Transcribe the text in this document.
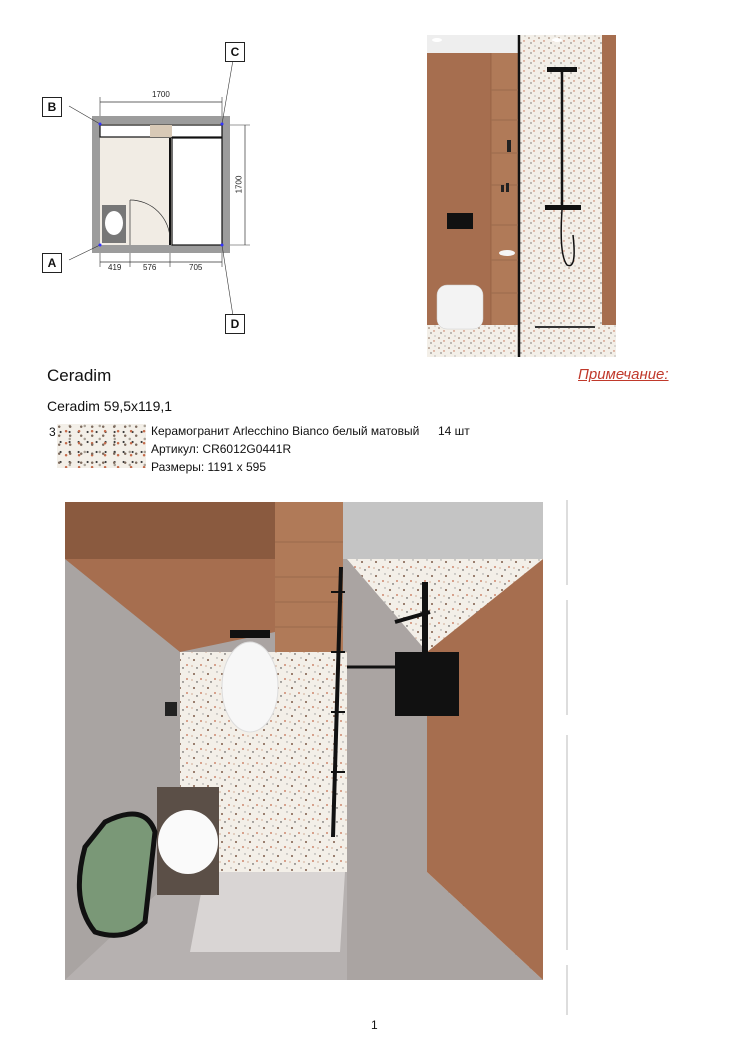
B
C
A
D
1700
1700
419	576	705
Ceradim	Примечание:
Ceradim 59,5х119,1
3	Керамогранит Arlecchino Bianco белый матовый 14 шт
Артикул: CR6012G0441R
Размеры: 1191 х 595
1
